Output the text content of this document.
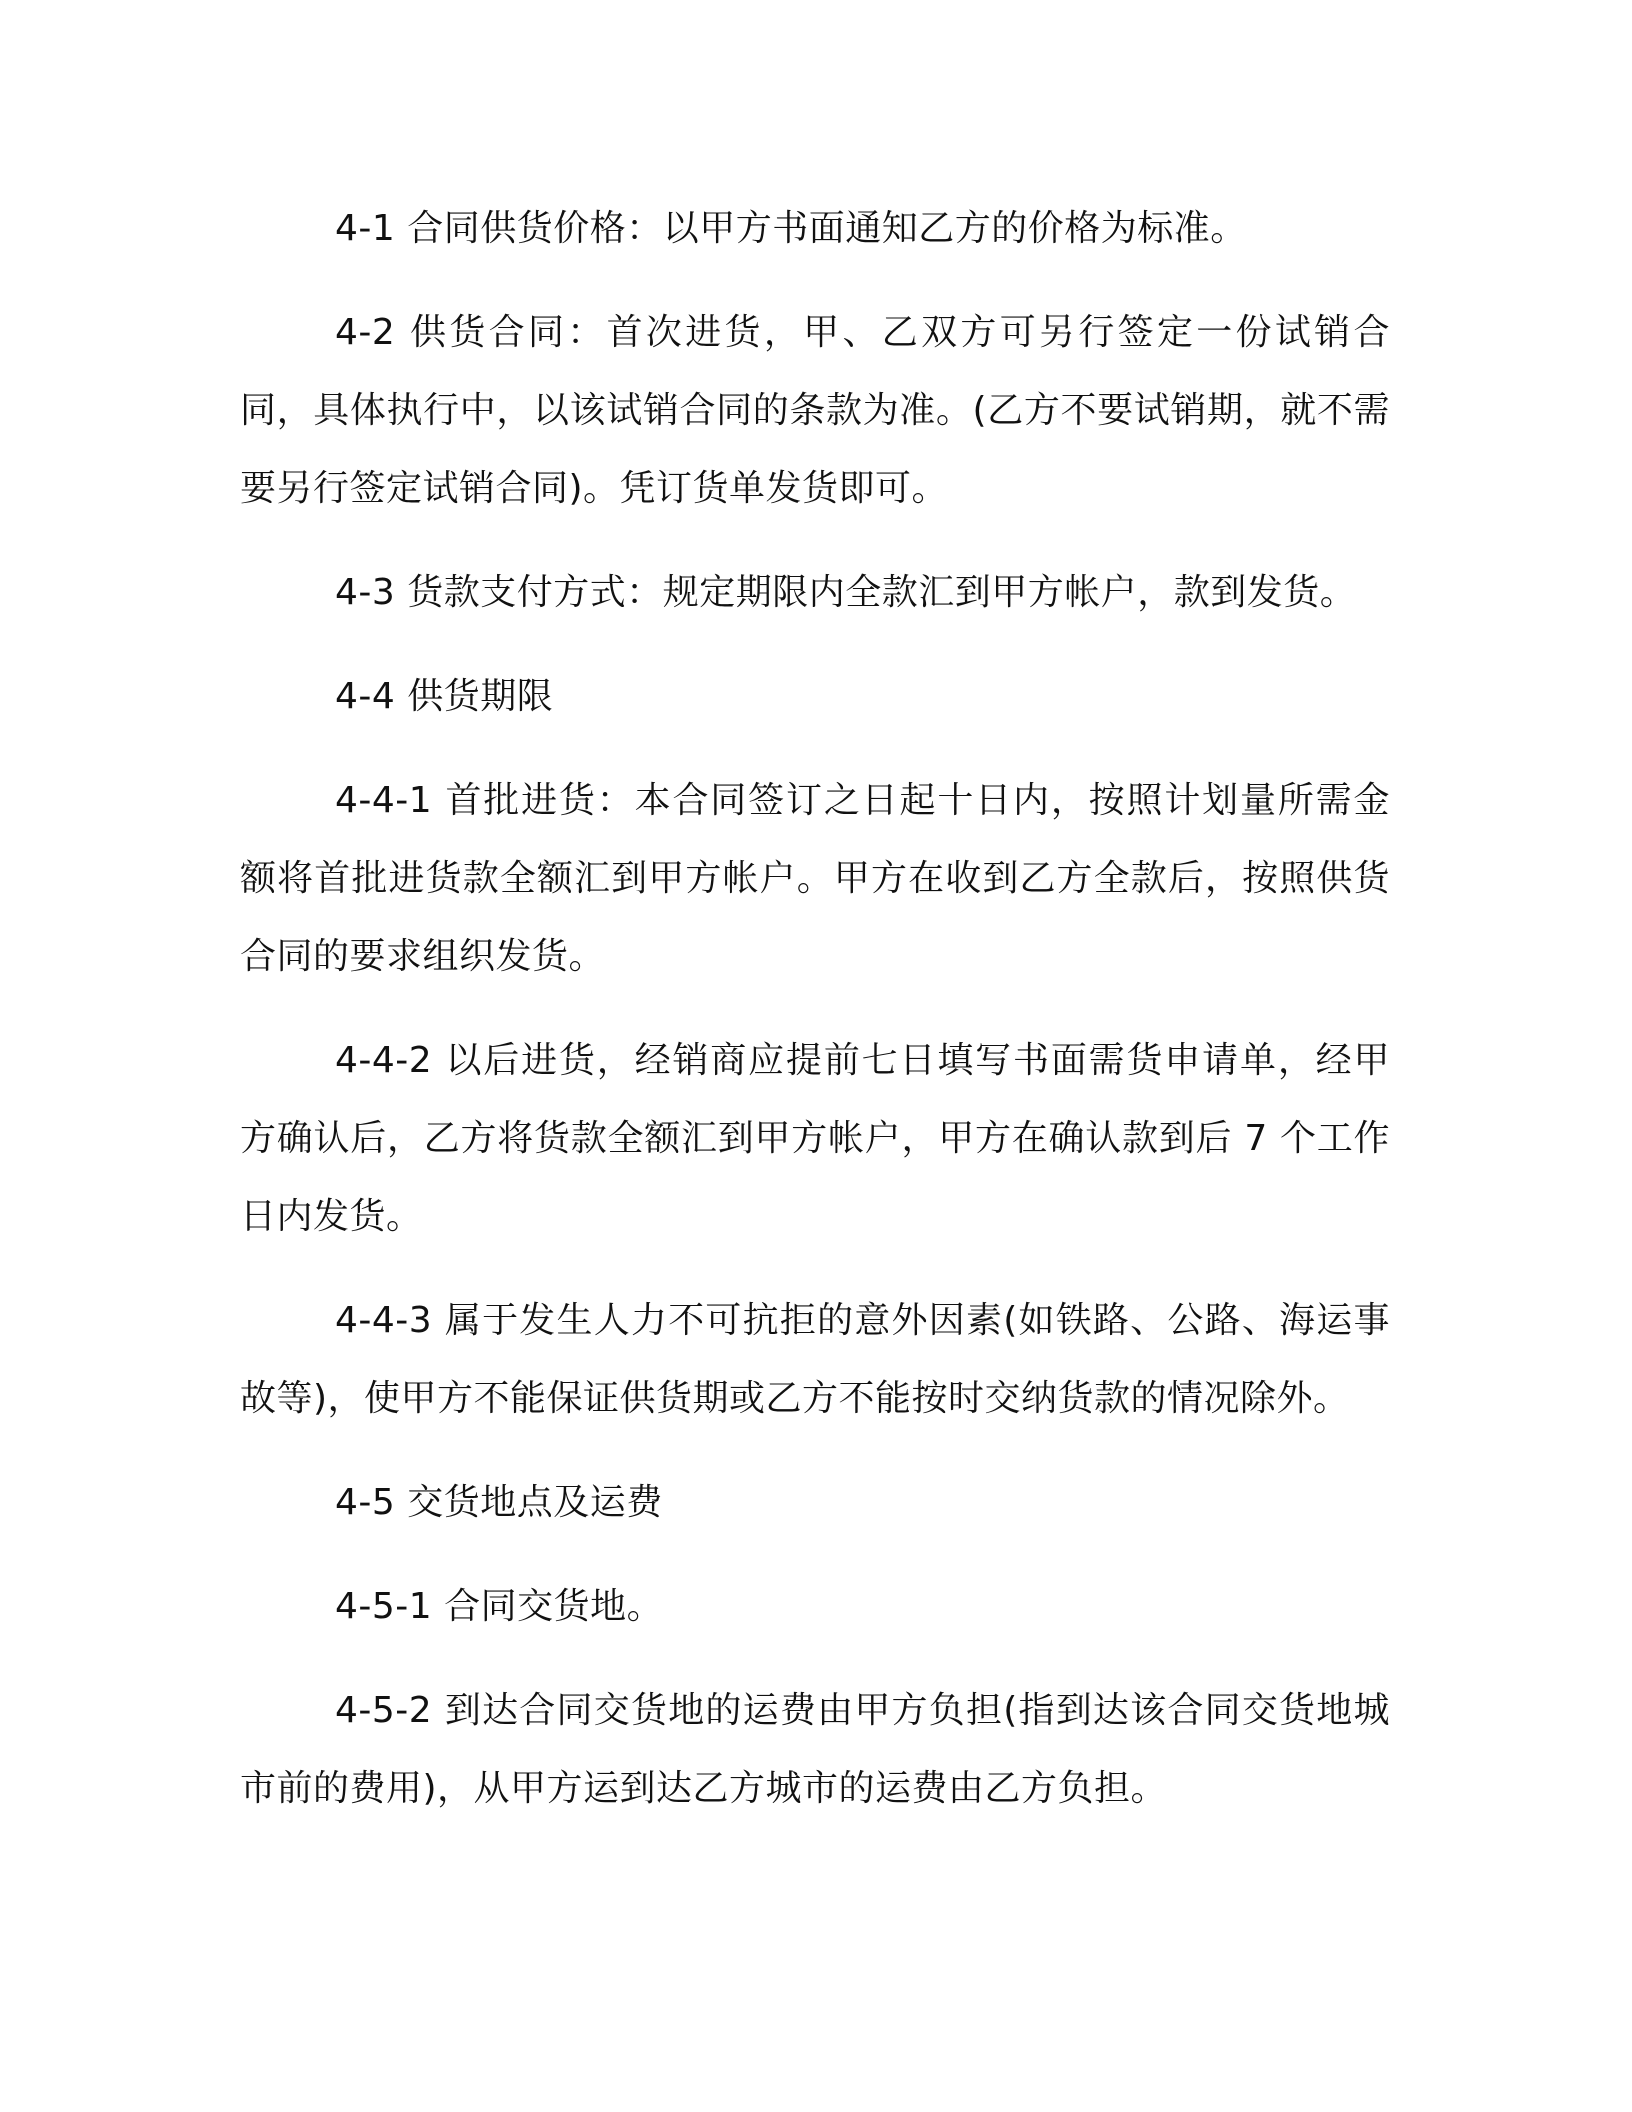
4-1 合同供货价格：以甲方书面通知乙方的价格为标准。

4-2 供货合同：首次进货，甲、乙双方可另行签定一份试销合同，具体执行中，以该试销合同的条款为准。(乙方不要试销期，就不需要另行签定试销合同)。凭订货单发货即可。

4-3 货款支付方式：规定期限内全款汇到甲方帐户，款到发货。

4-4 供货期限

4-4-1 首批进货：本合同签订之日起十日内，按照计划量所需金额将首批进货款全额汇到甲方帐户。甲方在收到乙方全款后，按照供货合同的要求组织发货。

4-4-2 以后进货，经销商应提前七日填写书面需货申请单，经甲方确认后，乙方将货款全额汇到甲方帐户，甲方在确认款到后 7 个工作日内发货。

4-4-3 属于发生人力不可抗拒的意外因素(如铁路、公路、海运事故等)，使甲方不能保证供货期或乙方不能按时交纳货款的情况除外。

4-5 交货地点及运费

4-5-1 合同交货地。

4-5-2 到达合同交货地的运费由甲方负担(指到达该合同交货地城市前的费用)，从甲方运到达乙方城市的运费由乙方负担。
